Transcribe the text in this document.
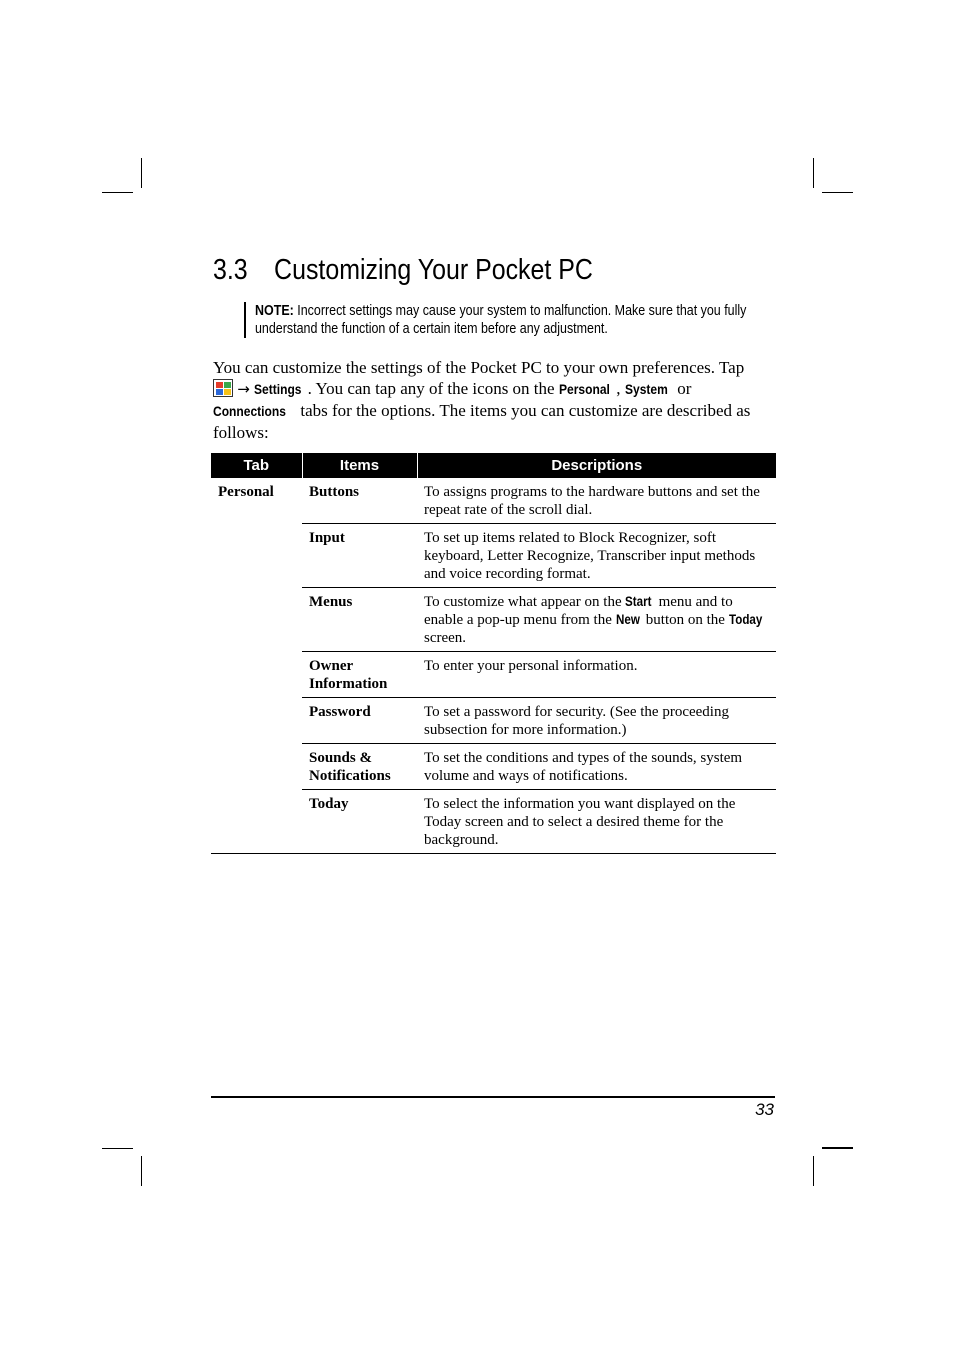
3.3 Customizing Your Pocket PC
NOTE: Incorrect settings may cause your system to malfunction. Make sure that you fully understand the function of a certain item before any adjustment.

You can customize the settings of the Pocket PC to your own preferences. Tap

→ Settings . You can tap any of the icons on the Personal , System or
Connections tabs for the options. The items you can customize are described as follows:

Tab	Items	Descriptions
Personal	Buttons	To assigns programs to the hardware buttons and set the repeat rate of the scroll dial.
	Input	To set up items related to Block Recognizer, soft keyboard, Letter Recognize, Transcriber input methods and voice recording format.
	Menus	To customize what appear on the Start menu and to enable a pop-up menu from the New button on the Today screen.
	Owner
Information	To enter your personal information.
	Password	To set a password for security. (See the proceeding subsection for more information.)
	Sounds &
Notifications	To set the conditions and types of the sounds, system volume and ways of notifications.
	Today	To select the information you want displayed on the Today screen and to select a desired theme for the background.
33
